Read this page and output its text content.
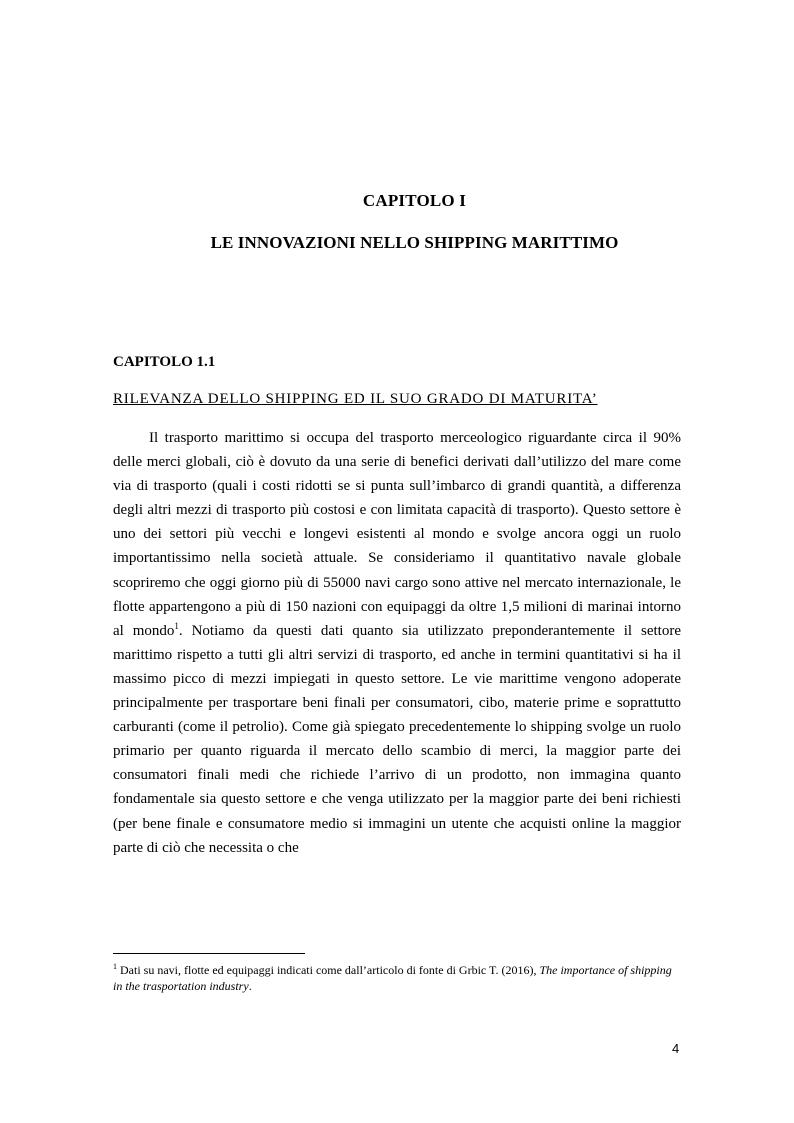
CAPITOLO I
LE INNOVAZIONI NELLO SHIPPING MARITTIMO
CAPITOLO 1.1
RILEVANZA DELLO SHIPPING ED IL SUO GRADO DI MATURITA’

Il trasporto marittimo si occupa del trasporto merceologico riguardante circa il 90% delle merci globali, ciò è dovuto da una serie di benefici derivati dall’utilizzo del mare come via di trasporto (quali i costi ridotti se si punta sull’imbarco di grandi quantità, a differenza degli altri mezzi di trasporto più costosi e con limitata capacità di trasporto). Questo settore è uno dei settori più vecchi e longevi esistenti al mondo e svolge ancora oggi un ruolo importantissimo nella società attuale. Se consideriamo il quantitativo navale globale scopriremo che oggi giorno più di 55000 navi cargo sono attive nel mercato internazionale, le flotte appartengono a più di 150 nazioni con equipaggi da oltre 1,5 milioni di marinai intorno al mondo$^1$. Notiamo da questi dati quanto sia utilizzato preponderantemente il settore marittimo rispetto a tutti gli altri servizi di trasporto, ed anche in termini quantitativi si ha il massimo picco di mezzi impiegati in questo settore. Le vie marittime vengono adoperate principalmente per trasportare beni finali per consumatori, cibo, materie prime e soprattutto carburanti (come il petrolio). Come già spiegato precedentemente lo shipping svolge un ruolo primario per quanto riguarda il mercato dello scambio di merci, la maggior parte dei consumatori finali medi che richiede l’arrivo di un prodotto, non immagina quanto fondamentale sia questo settore e che venga utilizzato per la maggior parte dei beni richiesti (per bene finale e consumatore medio si immagini un utente che acquisti online la maggior parte di ciò che necessita o che

$^1$ Dati su navi, flotte ed equipaggi indicati come dall’articolo di fonte di Grbic T. (2016), The importance of shipping in the trasportation industry.

4
